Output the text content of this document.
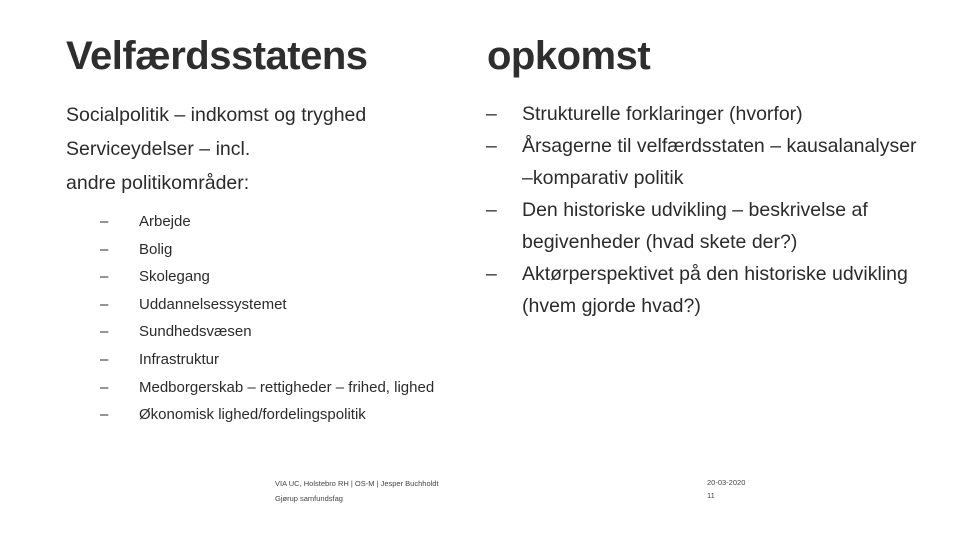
Velfærdsstatens	opkomst
Socialpolitik – indkomst og tryghed
Serviceydelser – incl.
andre politikområder:
– Arbejde
– Bolig
– Skolegang
– Uddannelsessystemet
– Sundhedsvæsen
– Infrastruktur
– Medborgerskab – rettigheder – frihed, lighed
– Økonomisk lighed/fordelingspolitik
– Strukturelle forklaringer (hvorfor)
– Årsagerne til velfærdsstaten – kausalanalyser –komparativ politik
– Den historiske udvikling – beskrivelse af begivenheder (hvad skete der?)
– Aktørperspektivet på den historiske udvikling (hvem gjorde hvad?)
VIA UC, Holstebro RH | OS-M | Jesper Buchholdt
Gjørup samfundsfag
20-03-2020
11
